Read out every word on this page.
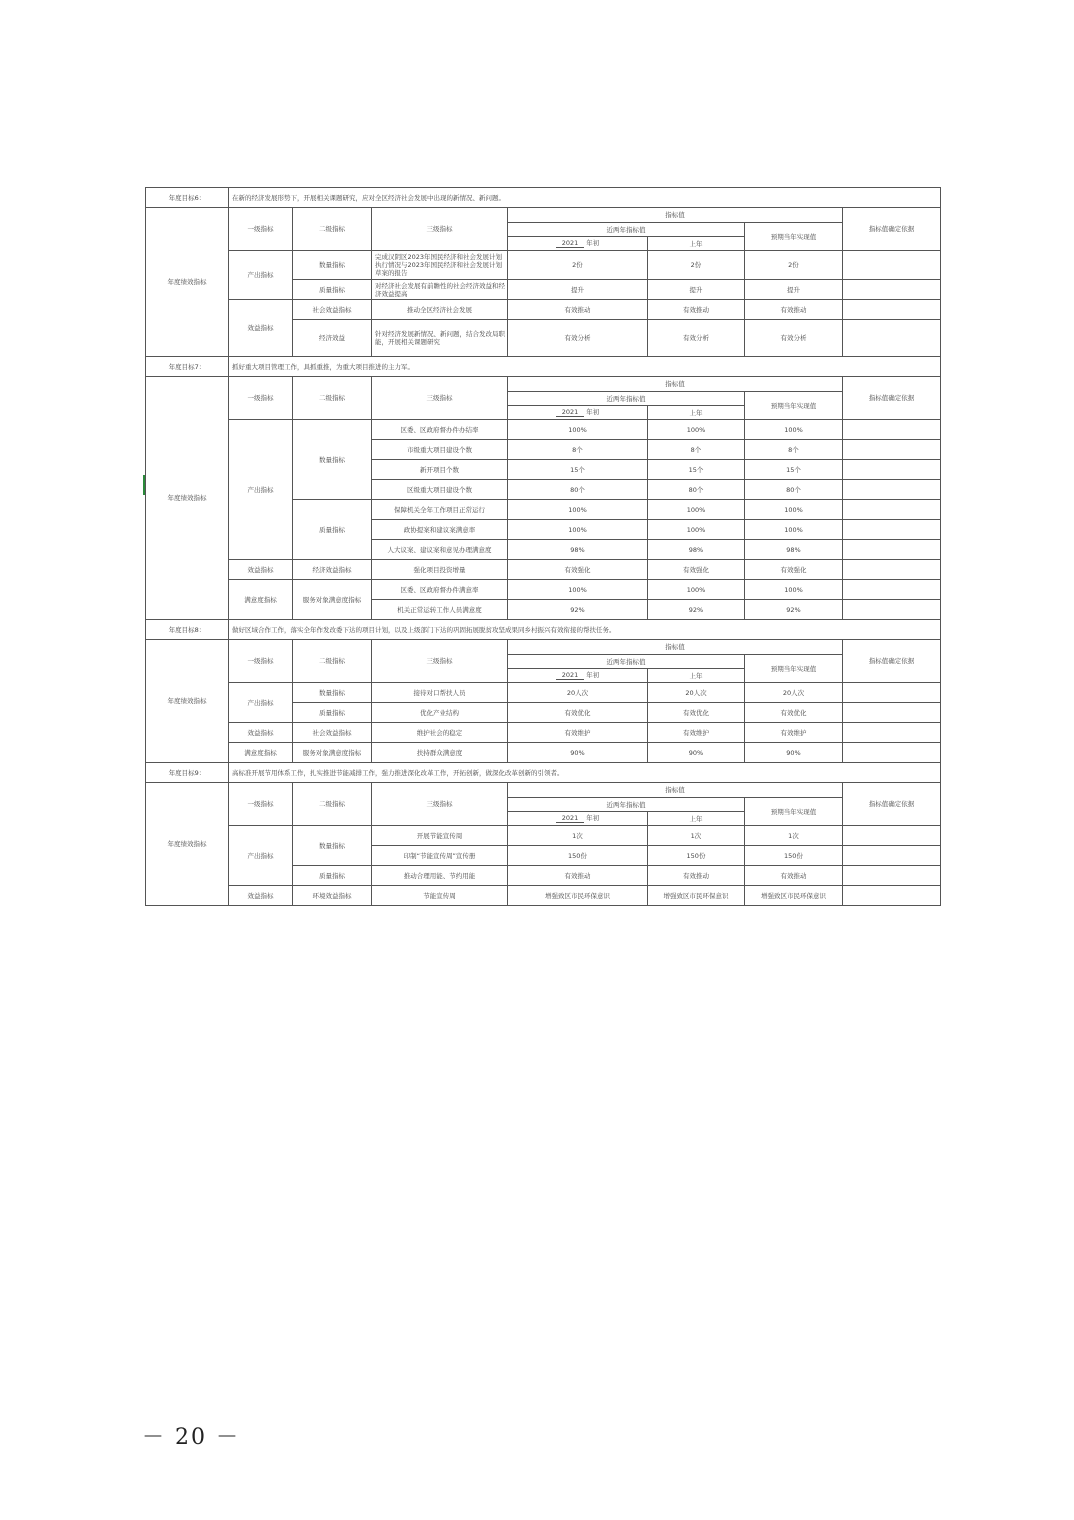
年度目标6：	在新的经济发展形势下，开展相关课题研究，应对全区经济社会发展中出现的新情况、新问题。						
年度绩效指标	一级指标	二级指标	三级指标	指标值			指标值确定依据
				近两年指标值		预期当年实现值	
				2021 年初	上年		
	产出指标	数量指标	完成汉阴区2023年国民经济和社会发展计划执行情况与2023年国民经济和社会发展计划草案的报告	2份	2份	2份	
		质量指标	对经济社会发展有前瞻性的社会经济效益和经济效益提高	提升	提升	提升	
	效益指标	社会效益指标	推动全区经济社会发展	有效推动	有效推动	有效推动	
		经济效益	针对经济发展新情况、新问题，结合发改局职能，开展相关课题研究	有效分析	有效分析	有效分析	
年度目标7：	抓好重大项目管理工作，具抓重推，为重大项目推进的主力军。						
年度绩效指标	一级指标	二级指标	三级指标	指标值			指标值确定依据
				近两年指标值		预期当年实现值	
				2021 年初	上年		
	产出指标	数量指标	区委、区政府督办件办结率	100%	100%	100%	
			市级重大项目建设个数	8个	8个	8个	
			新开项目个数	15个	15个	15个	
			区级重大项目建设个数	80个	80个	80个	
		质量指标	保障机关全年工作项目正常运行	100%	100%	100%	
			政协提案和建议案满意率	100%	100%	100%	
			人大议案、建议案和意见办理满意度	98%	98%	98%	
	效益指标	经济效益指标	强化项目投资增量	有效强化	有效强化	有效强化	
	满意度指标	服务对象满意度指标	区委、区政府督办件满意率	100%	100%	100%	
			机关正常运转工作人员满意度	92%	92%	92%	
年度目标8：	做好区域合作工作，落实全年作发改委下达的项目计划，以及上级部门下达的巩固拓展脱贫攻坚成果同乡村振兴有效衔接的帮扶任务。						
年度绩效指标	一级指标	二级指标	三级指标	指标值			指标值确定依据
				近两年指标值		预期当年实现值	
				2021 年初	上年		
	产出指标	数量指标	接待对口帮扶人员	20人次	20人次	20人次	
		质量指标	优化产业结构	有效优化	有效优化	有效优化	
	效益指标	社会效益指标	维护社会的稳定	有效维护	有效维护	有效维护	
	满意度指标	服务对象满意度指标	扶持群众满意度	90%	90%	90%	
年度目标9：	高标准开展节用体系工作，扎实推进节能减排工作，强力推进深化改革工作，开拓创新，做深化改革创新的引领者。						
年度绩效指标	一级指标	二级指标	三级指标	指标值			指标值确定依据
				近两年指标值		预期当年实现值	
				2021 年初	上年		
	产出指标	数量指标	开展节能宣传周	1次	1次	1次	
			印制“节能宣传周”宣传册	150份	150份	150份	
		质量指标	推动合理用能、节约用能	有效推动	有效推动	有效推动	
	效益指标	环境效益指标	节能宣传周	增强致区市民环保意识	增强致区市民环保意识	增强致区市民环保意识	
－ 20 －
